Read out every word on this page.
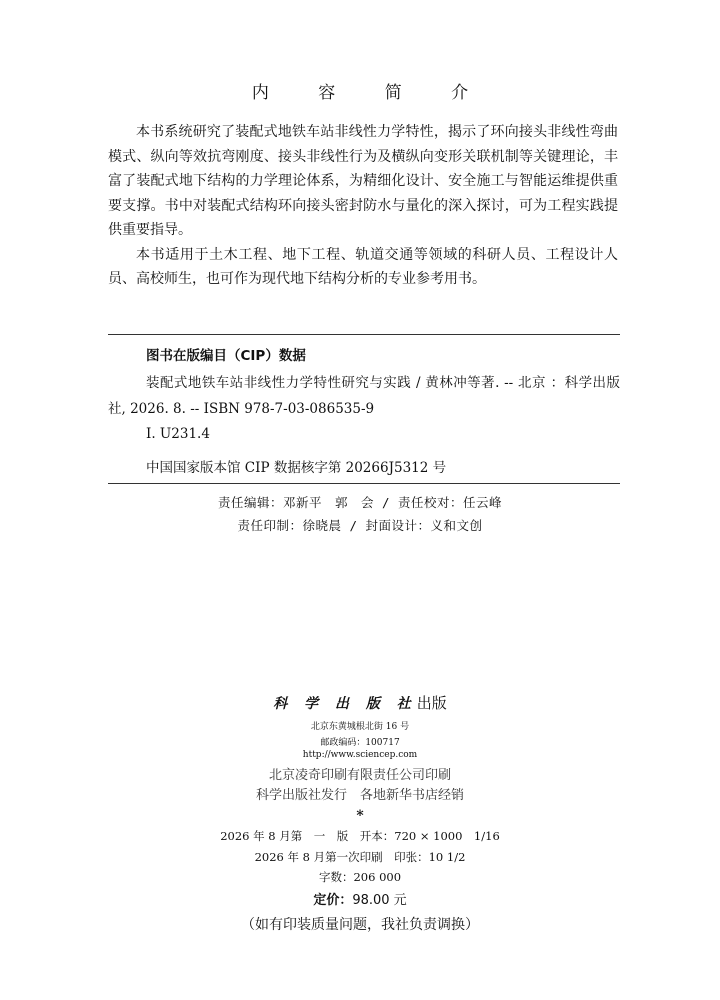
内 容 简 介

本书系统研究了装配式地铁车站非线性力学特性，揭示了环向接头非线性弯曲模式、纵向等效抗弯刚度、接头非线性行为及横纵向变形关联机制等关键理论，丰富了装配式地下结构的力学理论体系，为精细化设计、安全施工与智能运维提供重要支撑。书中对装配式结构环向接头密封防水与量化的深入探讨，可为工程实践提供重要指导。

本书适用于土木工程、地下工程、轨道交通等领域的科研人员、工程设计人员、高校师生，也可作为现代地下结构分析的专业参考用书。

图书在版编目（CIP）数据
装配式地铁车站非线性力学特性研究与实践 / 黄林冲等著. -- 北京 ：科学出版社, 2026. 8. -- ISBN 978-7-03-086535-9
Ⅰ. U231.4
中国国家版本馆 CIP 数据核字第 20266J5312 号
责任编辑：邓新平　郭　会 / 责任校对：任云峰
责任印制：徐晓晨 / 封面设计：义和文创
科 学 出 版 社出版
北京东黄城根北街 16 号
邮政编码：100717
http://www.sciencep.com
北京凌奇印刷有限责任公司印刷
科学出版社发行　各地新华书店经销
*
2026 年 8 月第　一　版　开本：720 × 1000　1/16
2026 年 8 月第一次印刷　印张：10 1/2
字数：206 000
定价：98.00 元
（如有印装质量问题，我社负责调换）
